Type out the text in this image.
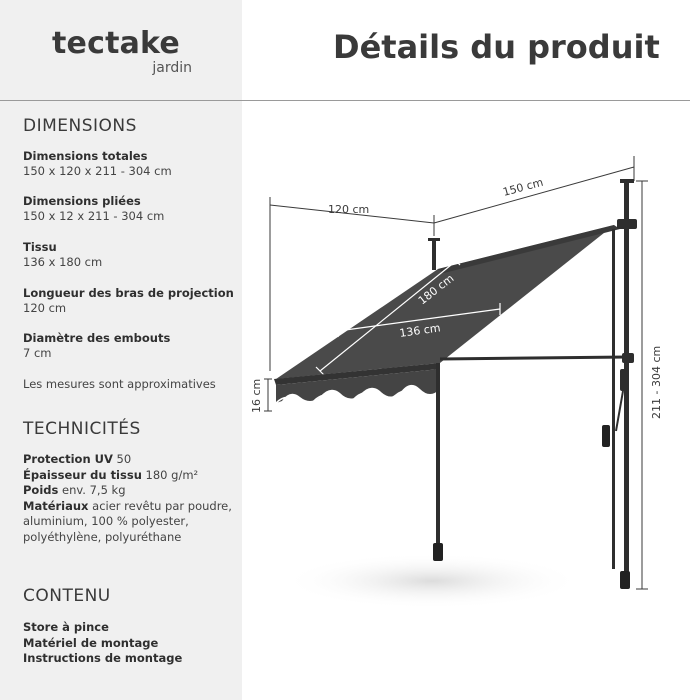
tectake
jardin
Détails du produit
DIMENSIONS
Dimensions totales
150 x 120 x 211 - 304 cm
Dimensions pliées
150 x 12 x 211 - 304 cm
Tissu
136 x 180 cm
Longueur des bras de projection
120 cm
Diamètre des embouts
7 cm
Les mesures sont approximatives
TECHNICITÉS
Protection UV 50
Épaisseur du tissu 180 g/m²
Poids env. 7,5 kg
Matériaux acier revêtu par poudre, aluminium, 100 % polyester, polyéthylène, polyuréthane
CONTENU
Store à pince
Matériel de montage
Instructions de montage
120 cm
150 cm
211 - 304 cm
16 cm
180 cm
136 cm
